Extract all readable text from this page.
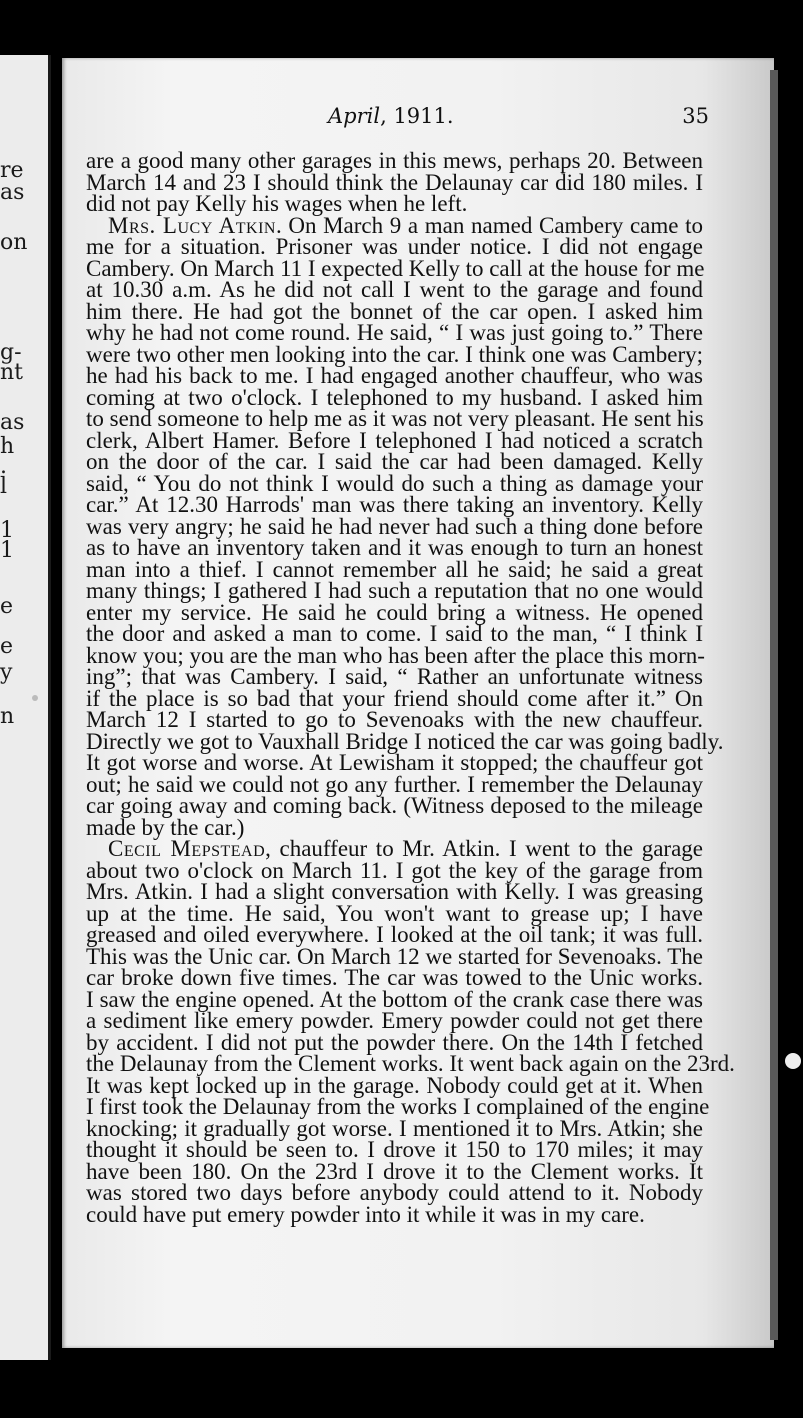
re
as
on
g-
nt
as
h
.
l
1
1
e
e
y
n
April, 1911.	35
are a good many other garages in this mews, perhaps 20. Between
March 14 and 23 I should think the Delaunay car did 180 miles. I
did not pay Kelly his wages when he left.
Mrs. Lucy Atkin. On March 9 a man named Cambery came to
me for a situation. Prisoner was under notice. I did not engage
Cambery. On March 11 I expected Kelly to call at the house for me
at 10.30 a.m. As he did not call I went to the garage and found
him there. He had got the bonnet of the car open. I asked him
why he had not come round. He said, “ I was just going to.” There
were two other men looking into the car. I think one was Cambery;
he had his back to me. I had engaged another chauffeur, who was
coming at two o'clock. I telephoned to my husband. I asked him
to send someone to help me as it was not very pleasant. He sent his
clerk, Albert Hamer. Before I telephoned I had noticed a scratch
on the door of the car. I said the car had been damaged. Kelly
said, “ You do not think I would do such a thing as damage your
car.” At 12.30 Harrods' man was there taking an inventory. Kelly
was very angry; he said he had never had such a thing done before
as to have an inventory taken and it was enough to turn an honest
man into a thief. I cannot remember all he said; he said a great
many things; I gathered I had such a reputation that no one would
enter my service. He said he could bring a witness. He opened
the door and asked a man to come. I said to the man, “ I think I
know you; you are the man who has been after the place this morn-
ing”; that was Cambery. I said, “ Rather an unfortunate witness
if the place is so bad that your friend should come after it.” On
March 12 I started to go to Sevenoaks with the new chauffeur.
Directly we got to Vauxhall Bridge I noticed the car was going badly.
It got worse and worse. At Lewisham it stopped; the chauffeur got
out; he said we could not go any further. I remember the Delaunay
car going away and coming back. (Witness deposed to the mileage
made by the car.)
Cecil Mepstead, chauffeur to Mr. Atkin. I went to the garage
about two o'clock on March 11. I got the key of the garage from
Mrs. Atkin. I had a slight conversation with Kelly. I was greasing
up at the time. He said, You won't want to grease up; I have
greased and oiled everywhere. I looked at the oil tank; it was full.
This was the Unic car. On March 12 we started for Sevenoaks. The
car broke down five times. The car was towed to the Unic works.
I saw the engine opened. At the bottom of the crank case there was
a sediment like emery powder. Emery powder could not get there
by accident. I did not put the powder there. On the 14th I fetched
the Delaunay from the Clement works. It went back again on the 23rd.
It was kept locked up in the garage. Nobody could get at it. When
I first took the Delaunay from the works I complained of the engine
knocking; it gradually got worse. I mentioned it to Mrs. Atkin; she
thought it should be seen to. I drove it 150 to 170 miles; it may
have been 180. On the 23rd I drove it to the Clement works. It
was stored two days before anybody could attend to it. Nobody
could have put emery powder into it while it was in my care.
